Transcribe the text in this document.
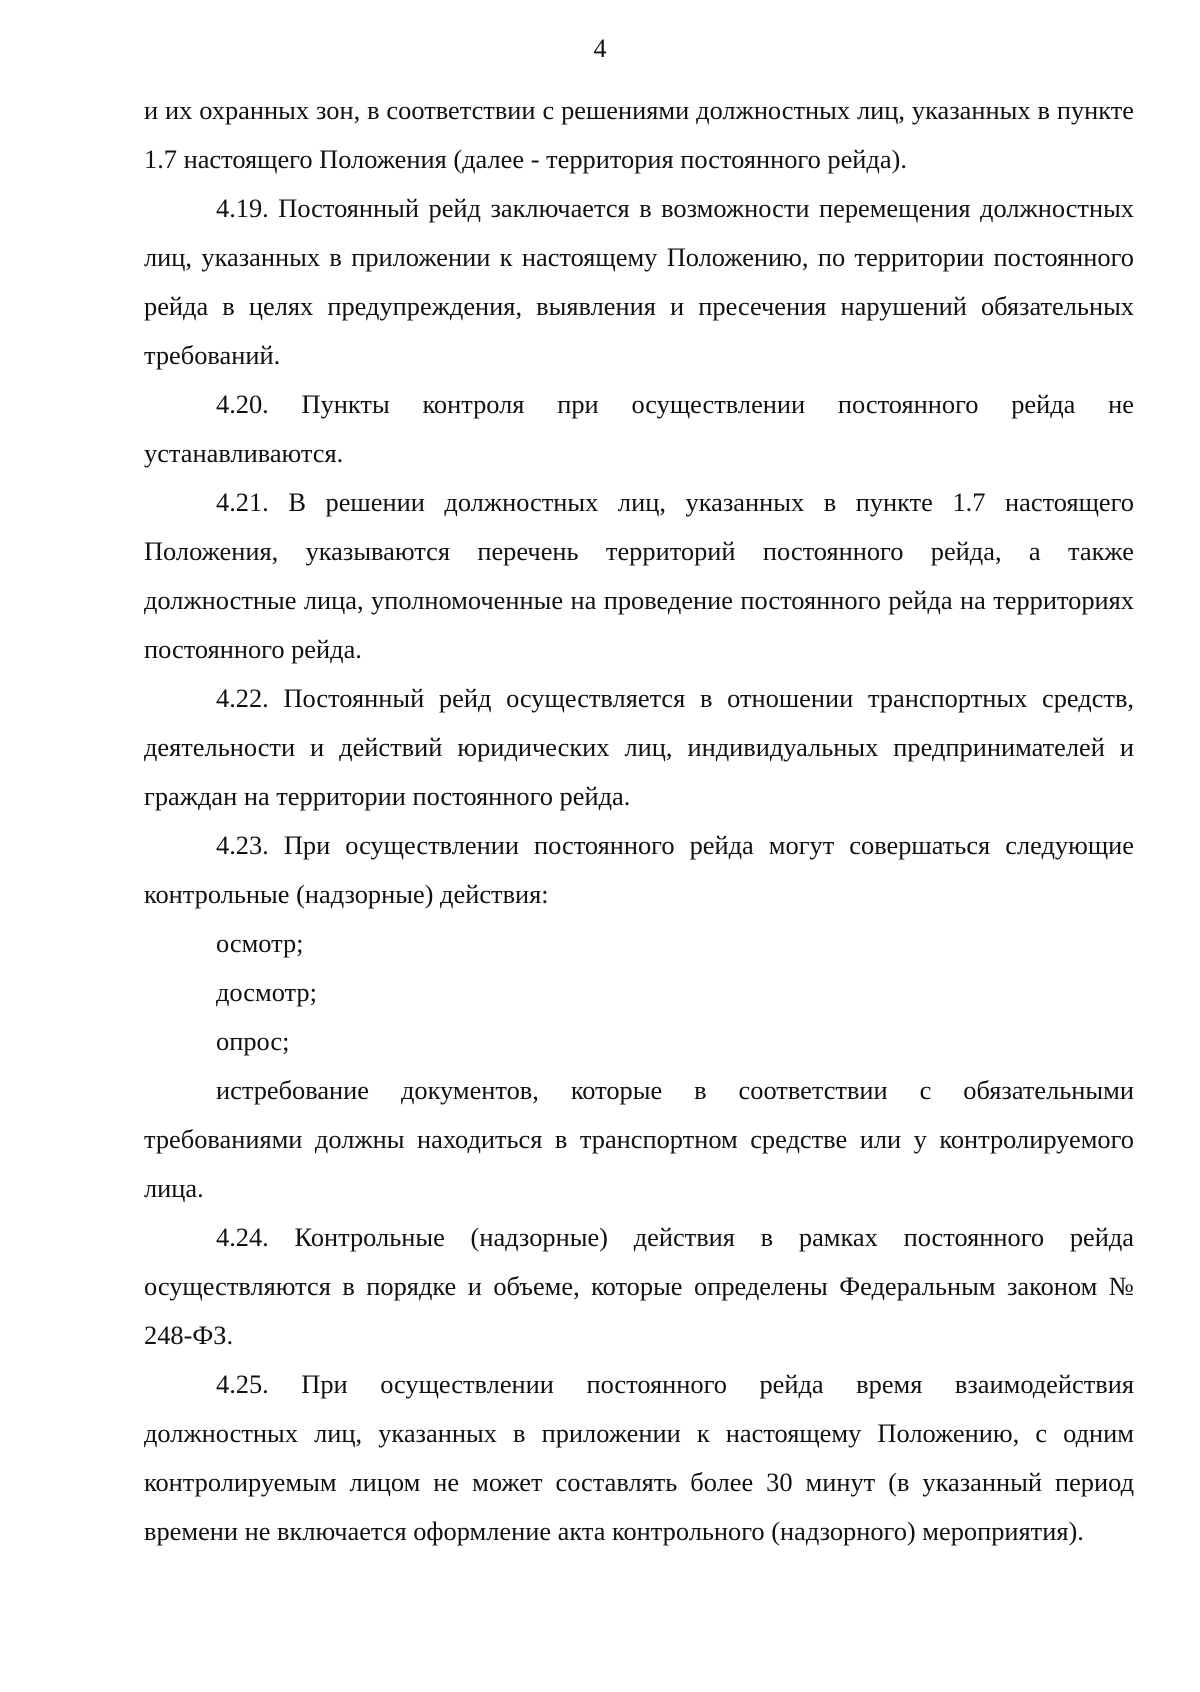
4

и их охранных зон, в соответствии с решениями должностных лиц, указанных в пункте 1.7 настоящего Положения (далее - территория постоянного рейда).

4.19. Постоянный рейд заключается в возможности перемещения должностных лиц, указанных в приложении к настоящему Положению, по территории постоянного рейда в целях предупреждения, выявления и пресечения нарушений обязательных требований.

4.20. Пункты контроля при осуществлении постоянного рейда не устанавливаются.

4.21. В решении должностных лиц, указанных в пункте 1.7 настоящего Положения, указываются перечень территорий постоянного рейда, а также должностные лица, уполномоченные на проведение постоянного рейда на территориях постоянного рейда.

4.22. Постоянный рейд осуществляется в отношении транспортных средств, деятельности и действий юридических лиц, индивидуальных предпринимателей и граждан на территории постоянного рейда.

4.23. При осуществлении постоянного рейда могут совершаться следующие контрольные (надзорные) действия:

осмотр;

досмотр;

опрос;

истребование документов, которые в соответствии с обязательными требованиями должны находиться в транспортном средстве или у контролируемого лица.

4.24. Контрольные (надзорные) действия в рамках постоянного рейда осуществляются в порядке и объеме, которые определены Федеральным законом № 248-ФЗ.

4.25. При осуществлении постоянного рейда время взаимодействия должностных лиц, указанных в приложении к настоящему Положению, с одним контролируемым лицом не может составлять более 30 минут (в указанный период времени не включается оформление акта контрольного (надзорного) мероприятия).
